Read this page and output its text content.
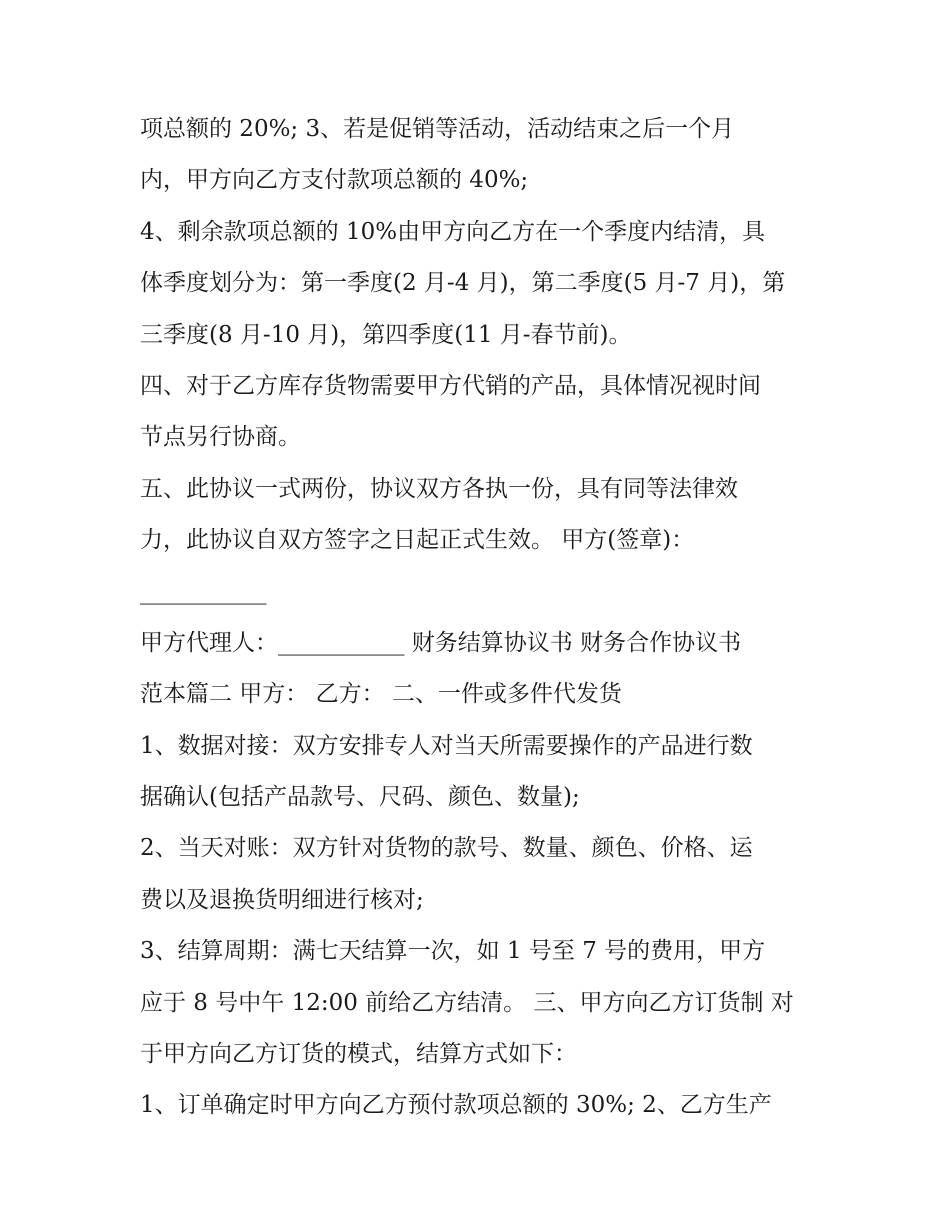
项总额的 20%; 3、若是促销等活动，活动结束之后一个月
内，甲方向乙方支付款项总额的 40%;
4、剩余款项总额的 10%由甲方向乙方在一个季度内结清，具
体季度划分为：第一季度(2 月-4 月)，第二季度(5 月-7 月)，第
三季度(8 月-10 月)，第四季度(11 月-春节前)。
四、对于乙方库存货物需要甲方代销的产品，具体情况视时间
节点另行协商。
五、此协议一式两份，协议双方各执一份，具有同等法律效
力，此协议自双方签字之日起正式生效。 甲方(签章)：
___________
甲方代理人：___________ 财务结算协议书 财务合作协议书
范本篇二 甲方： 乙方： 二、一件或多件代发货
1、数据对接：双方安排专人对当天所需要操作的产品进行数
据确认(包括产品款号、尺码、颜色、数量);
2、当天对账：双方针对货物的款号、数量、颜色、价格、运
费以及退换货明细进行核对;
3、结算周期：满七天结算一次，如 1 号至 7 号的费用，甲方
应于 8 号中午 12:00 前给乙方结清。 三、甲方向乙方订货制 对
于甲方向乙方订货的模式，结算方式如下：
1、订单确定时甲方向乙方预付款项总额的 30%; 2、乙方生产
